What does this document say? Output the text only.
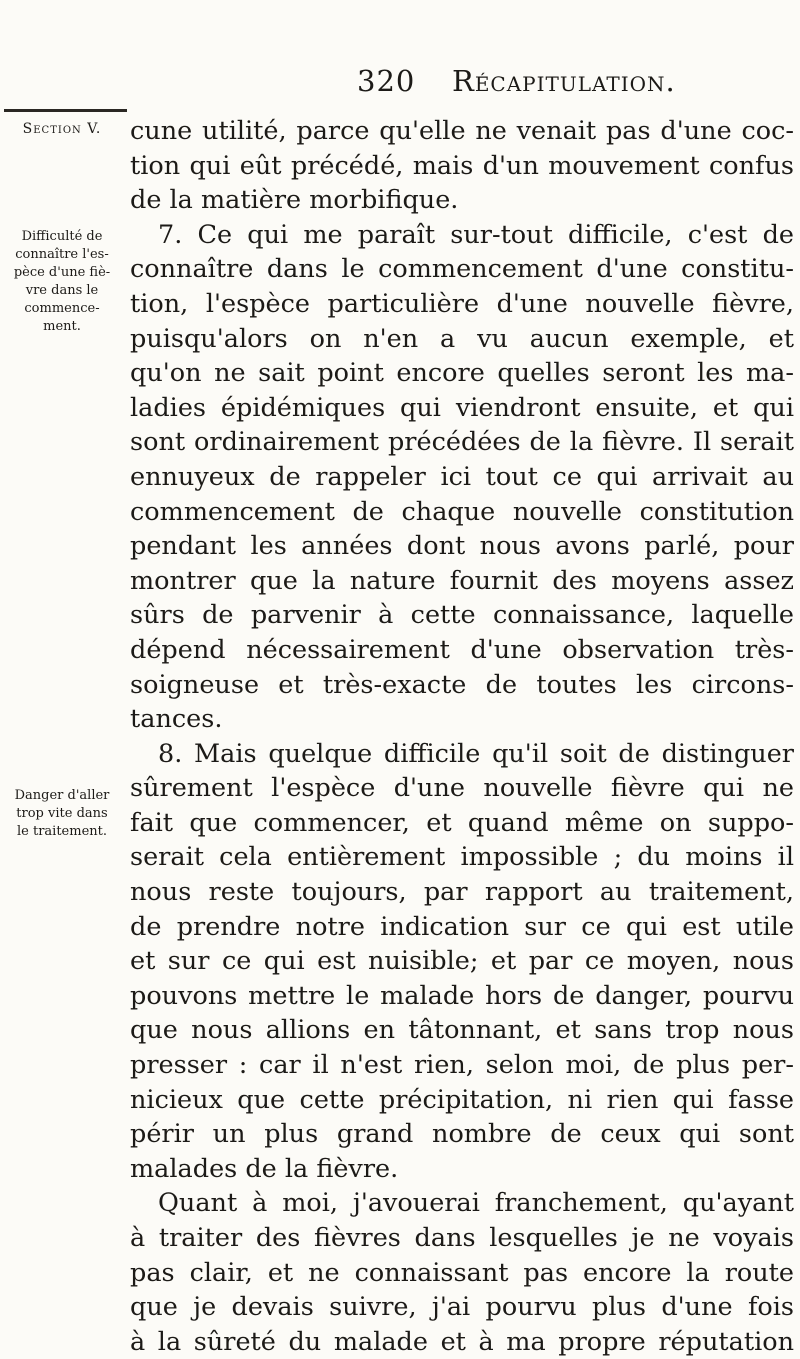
320 Récapitulation.
Section V.
Difficulté de
connaître l'es-
pèce d'une fiè-
vre dans le
commence-
ment.
Danger d'aller
trop vite dans
le traitement.
cune utilité, parce qu'elle ne venait pas d'une coc-
tion qui eût précédé, mais d'un mouvement confus
de la matière morbifique.
7. Ce qui me paraît sur-tout difficile, c'est de
connaître dans le commencement d'une constitu-
tion, l'espèce particulière d'une nouvelle fièvre,
puisqu'alors on n'en a vu aucun exemple, et
qu'on ne sait point encore quelles seront les ma-
ladies épidémiques qui viendront ensuite, et qui
sont ordinairement précédées de la fièvre. Il serait
ennuyeux de rappeler ici tout ce qui arrivait au
commencement de chaque nouvelle constitution
pendant les années dont nous avons parlé, pour
montrer que la nature fournit des moyens assez
sûrs de parvenir à cette connaissance, laquelle
dépend nécessairement d'une observation très-
soigneuse et très-exacte de toutes les circons-
tances.
8. Mais quelque difficile qu'il soit de distinguer
sûrement l'espèce d'une nouvelle fièvre qui ne
fait que commencer, et quand même on suppo-
serait cela entièrement impossible ; du moins il
nous reste toujours, par rapport au traitement,
de prendre notre indication sur ce qui est utile
et sur ce qui est nuisible; et par ce moyen, nous
pouvons mettre le malade hors de danger, pourvu
que nous allions en tâtonnant, et sans trop nous
presser : car il n'est rien, selon moi, de plus per-
nicieux que cette précipitation, ni rien qui fasse
périr un plus grand nombre de ceux qui sont
malades de la fièvre.
Quant à moi, j'avouerai franchement, qu'ayant
à traiter des fièvres dans lesquelles je ne voyais
pas clair, et ne connaissant pas encore la route
que je devais suivre, j'ai pourvu plus d'une fois
à la sûreté du malade et à ma propre réputation
